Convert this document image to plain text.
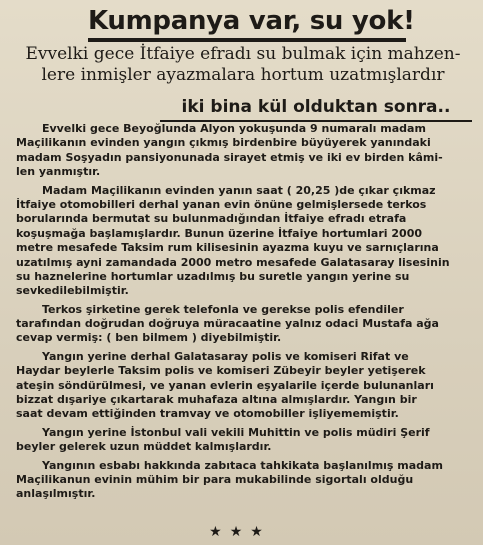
Kumpanya var, su yok!
Evvelki gece İtfaiye efradı su bulmak için mahzen-
lere inmişler ayazmalara hortum uzatmışlardır
iki bina kül olduktan sonra..
Evvelki gece Beyoğlunda Alyon yokuşunda 9 numaralı madam
Maçilikanın evinden yangın çıkmış birdenbire büyüyerek yanındaki
madam Soşyadın pansiyonunada sirayet etmiş ve iki ev birden kâmi-
len yanmıştır.
Madam Maçilikanın evinden yanın saat ( 20,25 )de çıkar çıkmaz
İtfaiye otomobilleri derhal yanan evin önüne gelmişlersede terkos
borularında bermutat su bulunmadığından İtfaiye efradı etrafa
koşuşmağa başlamışlardır. Bunun üzerine İtfaiye hortumlari 2000
metre mesafede Taksim rum kilisesinin ayazma kuyu ve sarnıçlarına
uzatılmış ayni zamandada 2000 metro mesafede Galatasaray lisesinin
su haznelerine hortumlar uzadılmış bu suretle yangın yerine su
sevkedilebilmiştir.
Terkos şirketine gerek telefonla ve gerekse polis efendiler
tarafından doğrudan doğruya müracaatine yalnız odaci Mustafa ağa
cevap vermiş: ( ben bilmem ) diyebilmiştir.
Yangın yerine derhal Galatasaray polis ve komiseri Rifat ve
Haydar beylerle Taksim polis ve komiseri Zübeyir beyler yetişerek
ateşin söndürülmesi, ve yanan evlerin eşyalarile içerde bulunanları
bizzat dışariye çıkartarak muhafaza altına almışlardır. Yangın bir
saat devam ettiğinden tramvay ve otomobiller işliyememiştir.
Yangın yerine İstonbul vali vekili Muhittin ve polis müdiri Şerif
beyler gelerek uzun müddet kalmışlardır.
Yangının esbabı hakkında zabıtaca tahkikata başlanılmış madam
Maçilikanun evinin mühim bir para mukabilinde sigortalı olduğu
anlaşılmıştır.
★★★
